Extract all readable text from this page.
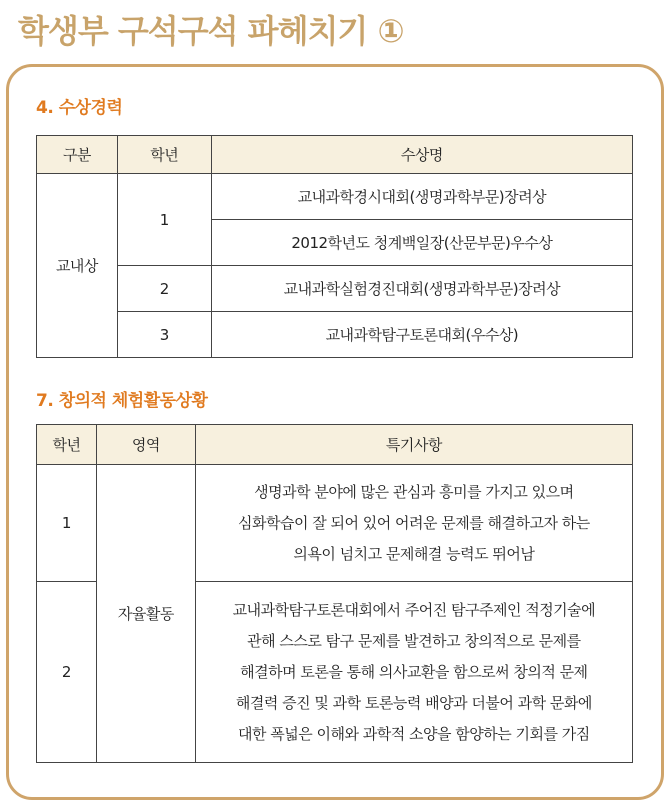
학생부 구석구석 파헤치기 ①
4. 수상경력
구분	학년	수상명
교내상	1	교내과학경시대회(생명과학부문)장려상
		2012학년도 청계백일장(산문부문)우수상
	2	교내과학실험경진대회(생명과학부문)장려상
	3	교내과학탐구토론대회(우수상)
7. 창의적 체험활동상황
학년	영역	특기사항
1	자율활동	생명과학 분야에 많은 관심과 흥미를 가지고 있으며
심화학습이 잘 되어 있어 어려운 문제를 해결하고자 하는
의욕이 넘치고 문제해결 능력도 뛰어남

2		교내과학탐구토론대회에서 주어진 탐구주제인 적정기술에
관해 스스로 탐구 문제를 발견하고 창의적으로 문제를
해결하며 토론을 통해 의사교환을 함으로써 창의적 문제
해결력 증진 및 과학 토론능력 배양과 더불어 과학 문화에
대한 폭넓은 이해와 과학적 소양을 함양하는 기회를 가짐
